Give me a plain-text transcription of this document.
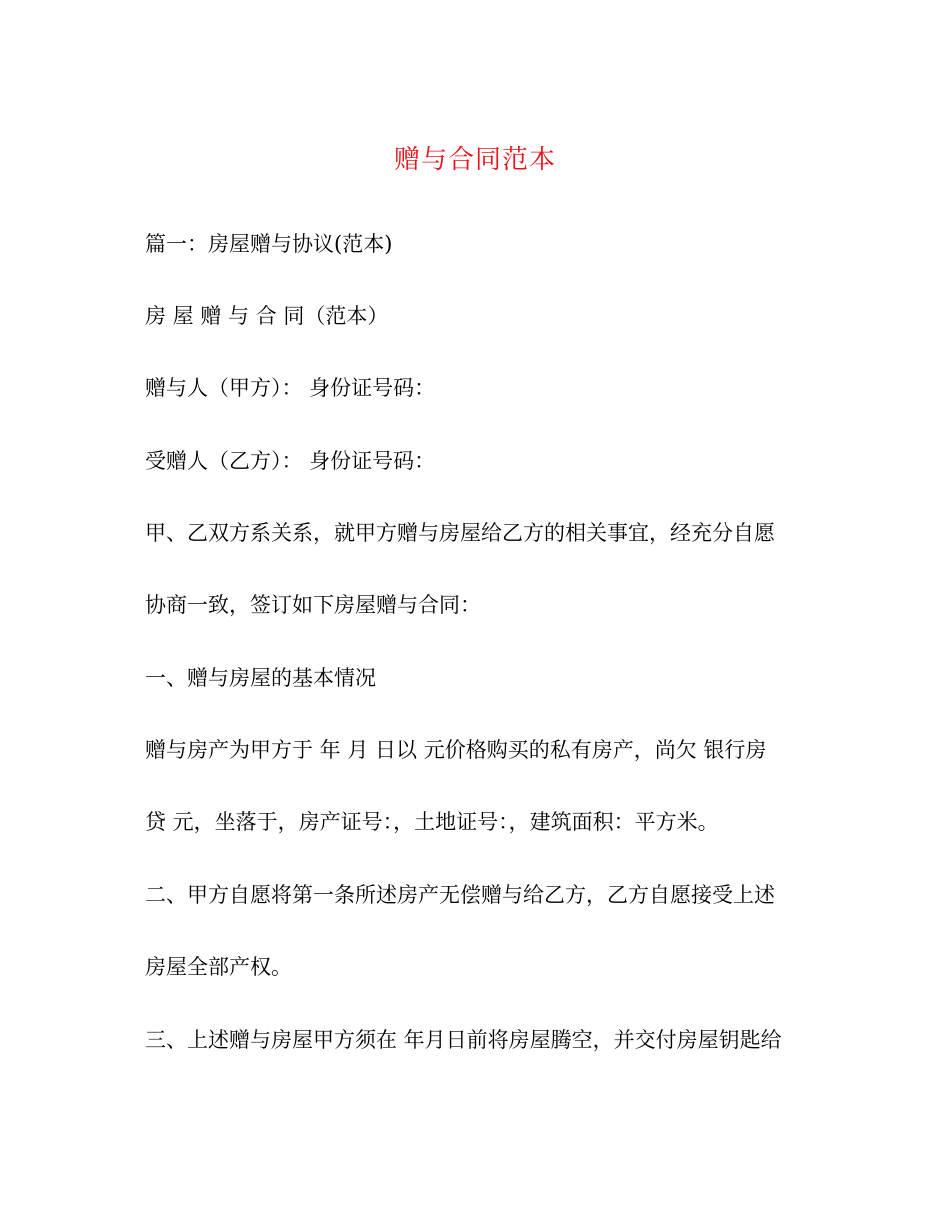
赠与合同范本
篇一：房屋赠与协议(范本)
房 屋 赠 与 合 同（范本）
赠与人（甲方）： 身份证号码：
受赠人（乙方）： 身份证号码：
甲、乙双方系关系，就甲方赠与房屋给乙方的相关事宜，经充分自愿
协商一致，签订如下房屋赠与合同：
一、赠与房屋的基本情况
赠与房产为甲方于 年 月 日以 元价格购买的私有房产，尚欠 银行房
贷 元，坐落于，房产证号：，土地证号：，建筑面积：平方米。
二、甲方自愿将第一条所述房产无偿赠与给乙方，乙方自愿接受上述
房屋全部产权。
三、上述赠与房屋甲方须在 年月日前将房屋腾空，并交付房屋钥匙给
